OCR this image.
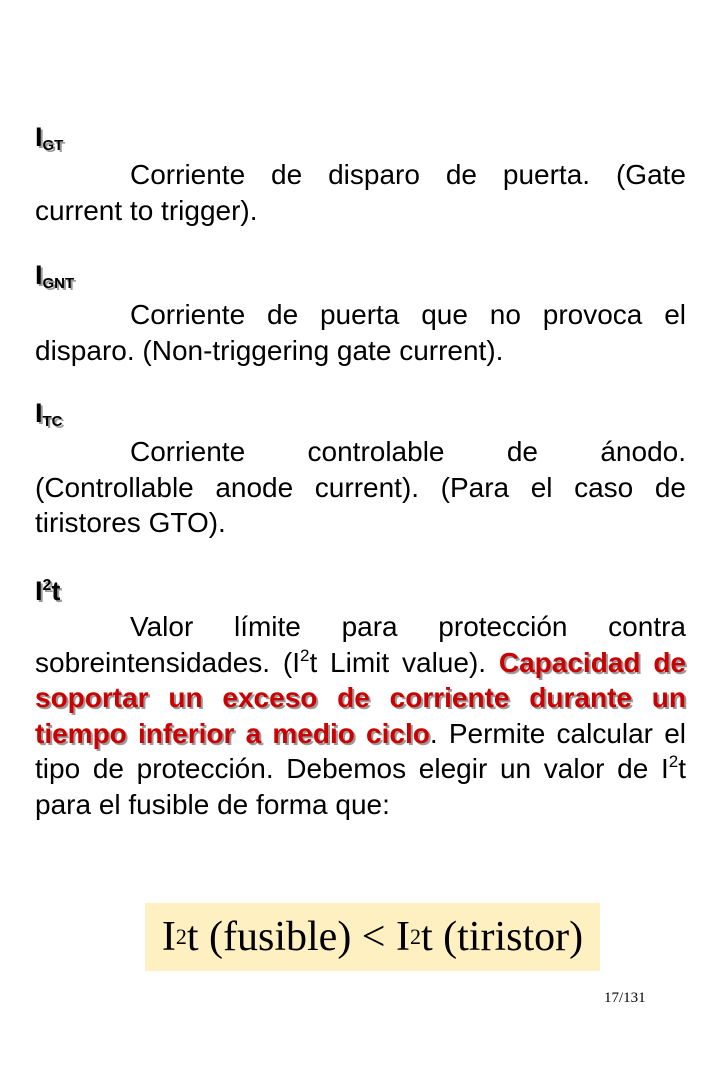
$I_{GT}$

Corriente de disparo de puerta. (Gate current to trigger).

$I_{GNT}$

Corriente de puerta que no provoca el disparo. (Non-triggering gate current).

$I_{TC}$

Corriente controlable de ánodo. (Controllable anode current). (Para el caso de tiristores GTO).

$I^2t$

Valor límite para protección contra sobreintensidades. ($I^2t$ Limit value). Capacidad de soportar un exceso de corriente durante un tiempo inferior a medio ciclo. Permite calcular el tipo de protección. Debemos elegir un valor de $I^2t$ para el fusible de forma que:

I 2 t (fusible) < I 2 t (tiristor)
17/131
